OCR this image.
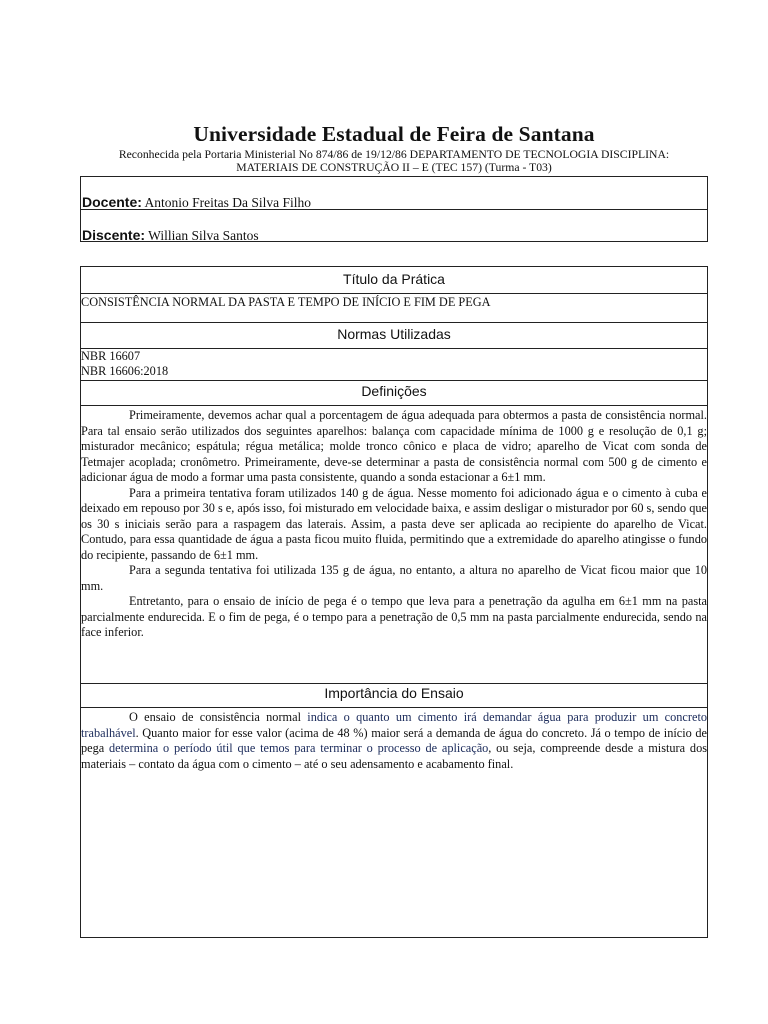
Universidade Estadual de Feira de Santana
Reconhecida pela Portaria Ministerial No 874/86 de 19/12/86 DEPARTAMENTO DE TECNOLOGIA DISCIPLINA:
MATERIAIS DE CONSTRUÇÃO II – E (TEC 157) (Turma - T03)
Docente: Antonio Freitas Da Silva Filho
Discente: Willian Silva Santos
Título da Prática
CONSISTÊNCIA NORMAL DA PASTA E TEMPO DE INÍCIO E FIM DE PEGA
Normas Utilizadas
NBR 16607
NBR 16606:2018
Definições

Primeiramente, devemos achar qual a porcentagem de água adequada para obtermos a pasta de consistência normal. Para tal ensaio serão utilizados dos seguintes aparelhos: balança com capacidade mínima de 1000 g e resolução de 0,1 g; misturador mecânico; espátula; régua metálica; molde tronco cônico e placa de vidro; aparelho de Vicat com sonda de Tetmajer acoplada; cronômetro. Primeiramente, deve-se determinar a pasta de consistência normal com 500 g de cimento e adicionar água de modo a formar uma pasta consistente, quando a sonda estacionar a 6±1 mm.

Para a primeira tentativa foram utilizados 140 g de água. Nesse momento foi adicionado água e o cimento à cuba e deixado em repouso por 30 s e, após isso, foi misturado em velocidade baixa, e assim desligar o misturador por 60 s, sendo que os 30 s iniciais serão para a raspagem das laterais. Assim, a pasta deve ser aplicada ao recipiente do aparelho de Vicat. Contudo, para essa quantidade de água a pasta ficou muito fluida, permitindo que a extremidade do aparelho atingisse o fundo do recipiente, passando de 6±1 mm.

Para a segunda tentativa foi utilizada 135 g de água, no entanto, a altura no aparelho de Vicat ficou maior que 10 mm.

Entretanto, para o ensaio de início de pega é o tempo que leva para a penetração da agulha em 6±1 mm na pasta parcialmente endurecida. E o fim de pega, é o tempo para a penetração de 0,5 mm na pasta parcialmente endurecida, sendo na face inferior.

Importância do Ensaio

O ensaio de consistência normal indica o quanto um cimento irá demandar água para produzir um concreto trabalhável. Quanto maior for esse valor (acima de 48 %) maior será a demanda de água do concreto. Já o tempo de início de pega determina o período útil que temos para terminar o processo de aplicação, ou seja, compreende desde a mistura dos materiais – contato da água com o cimento – até o seu adensamento e acabamento final.
